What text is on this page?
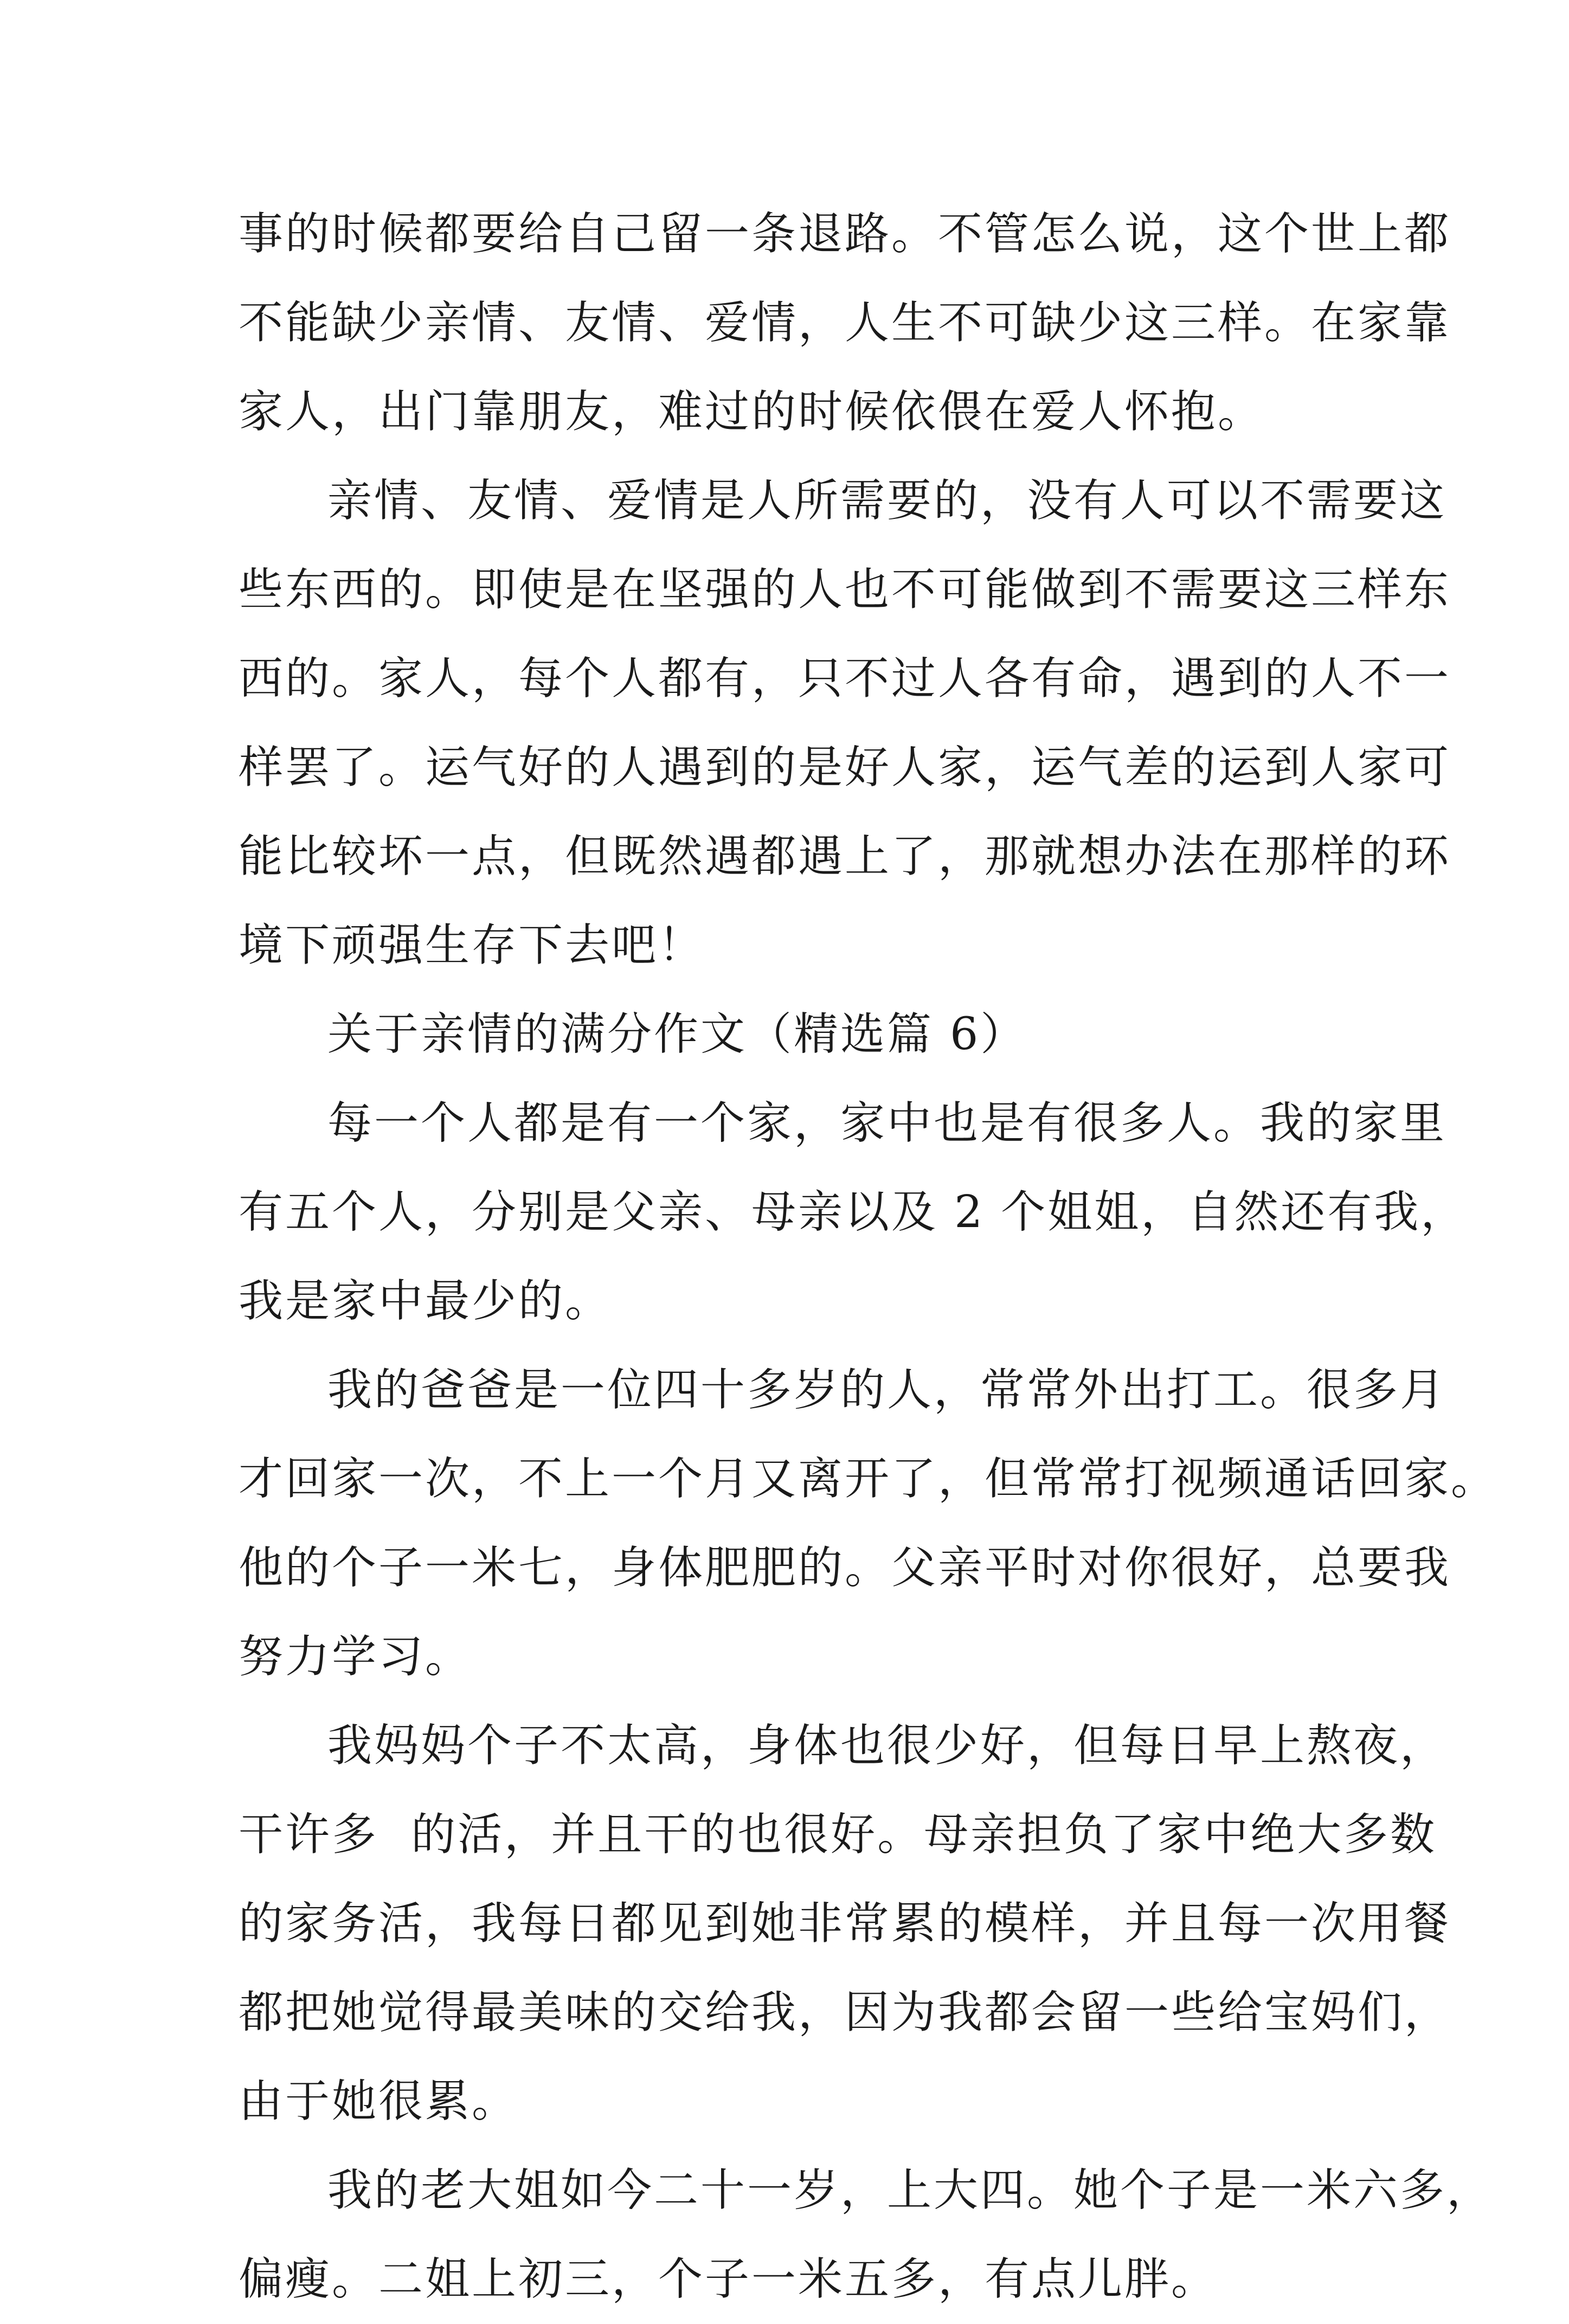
事的时候都要给自己留一条退路。不管怎么说，这个世上都
不能缺少亲情、友情、爱情，人生不可缺少这三样。在家靠
家人，出门靠朋友，难过的时候依偎在爱人怀抱。
亲情、友情、爱情是人所需要的，没有人可以不需要这
些东西的。即使是在坚强的人也不可能做到不需要这三样东
西的。家人，每个人都有，只不过人各有命，遇到的人不一
样罢了。运气好的人遇到的是好人家，运气差的运到人家可
能比较坏一点，但既然遇都遇上了，那就想办法在那样的环
境下顽强生存下去吧！
关于亲情的满分作文（精选篇 6）
每一个人都是有一个家，家中也是有很多人。我的家里
有五个人，分别是父亲、母亲以及 2 个姐姐，自然还有我，
我是家中最少的。
我的爸爸是一位四十多岁的人，常常外出打工。很多月
才回家一次，不上一个月又离开了，但常常打视频通话回家。
他的个子一米七，身体肥肥的。父亲平时对你很好，总要我
努力学习。
我妈妈个子不太高，身体也很少好，但每日早上熬夜，
干许多  的活，并且干的也很好。母亲担负了家中绝大多数
的家务活，我每日都见到她非常累的模样，并且每一次用餐
都把她觉得最美味的交给我，因为我都会留一些给宝妈们，
由于她很累。
我的老大姐如今二十一岁，上大四。她个子是一米六多，
偏瘦。二姐上初三，个子一米五多，有点儿胖。
